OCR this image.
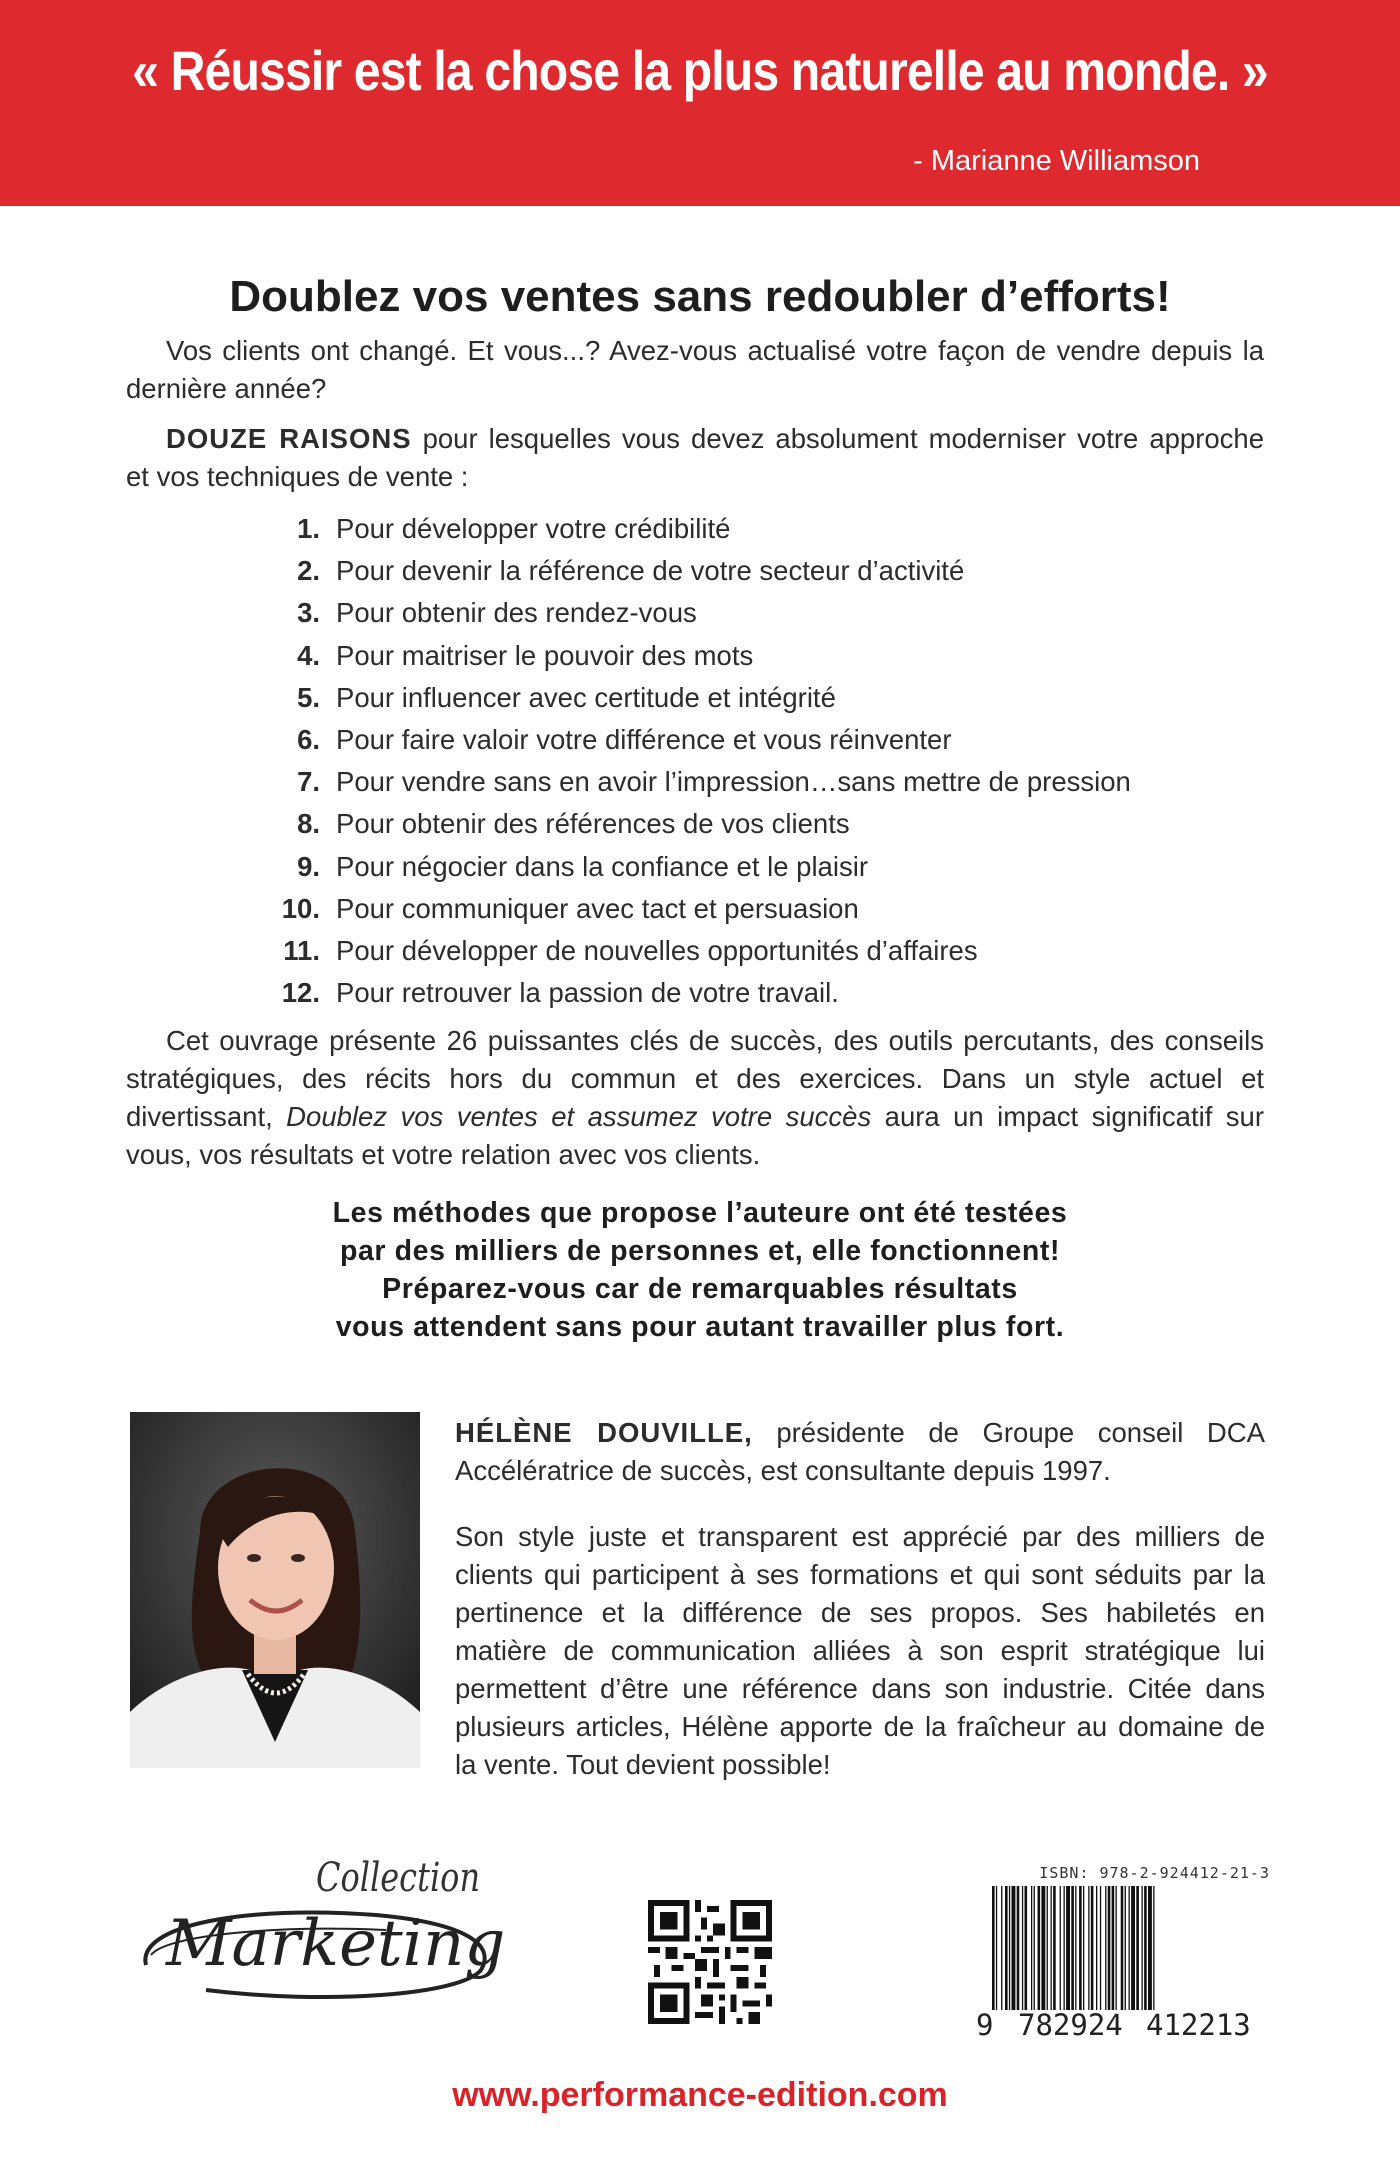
« Réussir est la chose la plus naturelle au monde. »
- Marianne Williamson
Doublez vos ventes sans redoubler d’efforts!
Vos clients ont changé. Et vous...? Avez-vous actualisé votre façon de vendre depuis la dernière année?
DOUZE RAISONS pour lesquelles vous devez absolument moderniser votre approche et vos techniques de vente :
1. Pour développer votre crédibilité
2. Pour devenir la référence de votre secteur d’activité
3. Pour obtenir des rendez-vous
4. Pour maitriser le pouvoir des mots
5. Pour influencer avec certitude et intégrité
6. Pour faire valoir votre différence et vous réinventer
7. Pour vendre sans en avoir l’impression…sans mettre de pression
8. Pour obtenir des références de vos clients
9. Pour négocier dans la confiance et le plaisir
10. Pour communiquer avec tact et persuasion
11. Pour développer de nouvelles opportunités d’affaires
12. Pour retrouver la passion de votre travail.
Cet ouvrage présente 26 puissantes clés de succès, des outils percutants, des conseils stratégiques, des récits hors du commun et des exercices. Dans un style actuel et divertissant, Doublez vos ventes et assumez votre succès aura un impact significatif sur vous, vos résultats et votre relation avec vos clients.
Les méthodes que propose l’auteure ont été testées
par des milliers de personnes et, elle fonctionnent!
Préparez-vous car de remarquables résultats
vous attendent sans pour autant travailler plus fort.
HÉLÈNE DOUVILLE, présidente de Groupe conseil DCA Accélératrice de succès, est consultante depuis 1997.
Son style juste et transparent est apprécié par des milliers de clients qui participent à ses formations et qui sont séduits par la pertinence et la différence de ses propos. Ses habiletés en matière de communication alliées à son esprit stratégique lui permettent d’être une référence dans son industrie. Citée dans plusieurs articles, Hélène apporte de la fraîcheur au domaine de la vente. Tout devient possible!
Collection
Marketing
ISBN: 978-2-924412-21-3
9 782924 412213
www.performance-edition.com
